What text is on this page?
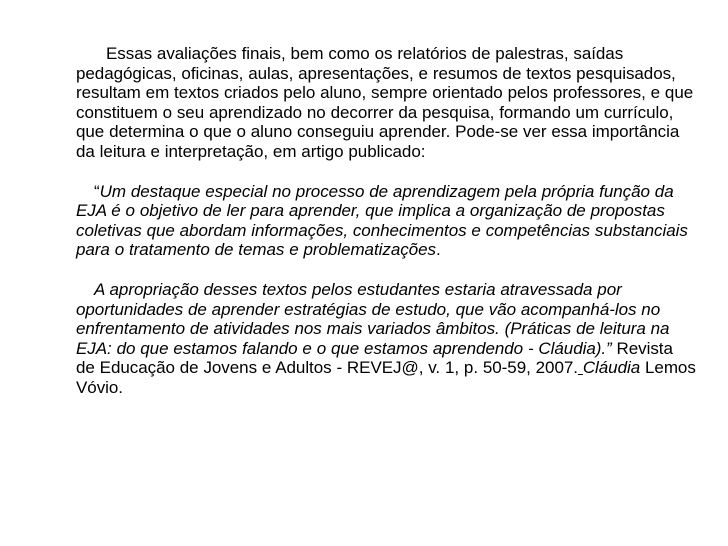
Essas avaliações finais, bem como os relatórios de palestras, saídas pedagógicas, oficinas, aulas, apresentações, e resumos de textos pesquisados, resultam em textos criados pelo aluno, sempre orientado pelos professores, e que constituem o seu aprendizado no decorrer da pesquisa, formando um currículo, que determina o que o aluno conseguiu aprender. Pode-se ver essa importância da leitura e interpretação, em artigo publicado:

“Um destaque especial no processo de aprendizagem pela própria função da EJA é o objetivo de ler para aprender, que implica a organização de propostas coletivas que abordam informações, conhecimentos e competências substanciais para o tratamento de temas e problematizações.

A apropriação desses textos pelos estudantes estaria atravessada por oportunidades de aprender estratégias de estudo, que vão acompanhá-los no enfrentamento de atividades nos mais variados âmbitos. (Práticas de leitura na EJA: do que estamos falando e o que estamos aprendendo - Cláudia).” Revista de Educação de Jovens e Adultos - REVEJ@, v. 1, p. 50-59, 2007. Cláudia Lemos Vóvio.
